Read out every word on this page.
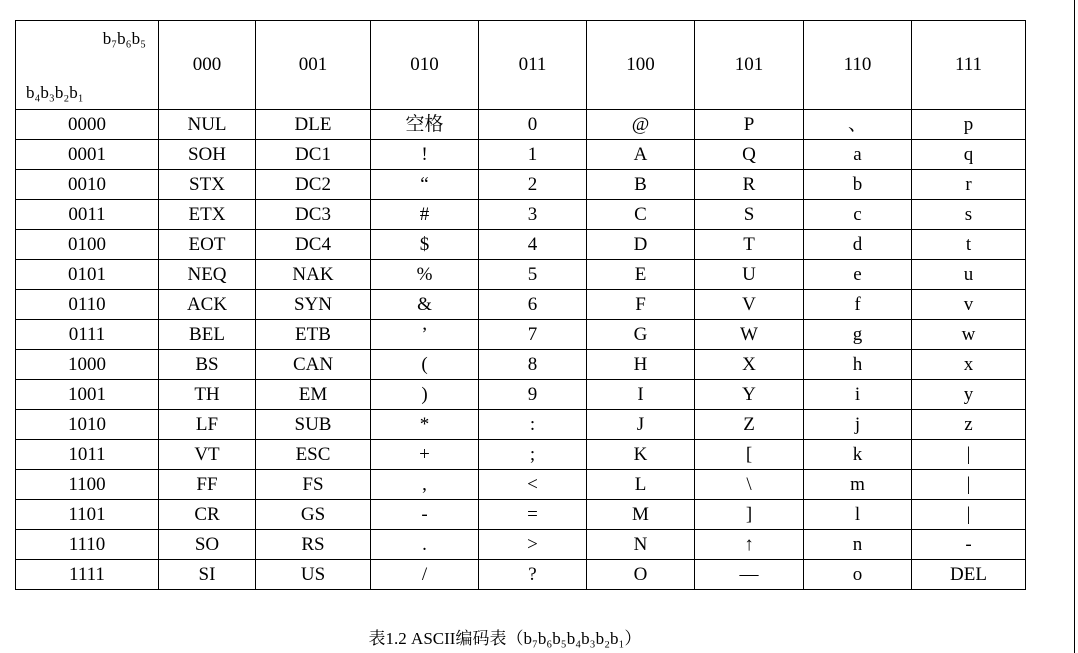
b₇b₆b₅
b₄b₃b₂b₁	000	001	010	011	100	101	110	111
0000	NUL	DLE	空格	0	@	P	、	p
0001	SOH	DC1	!	1	A	Q	a	q
0010	STX	DC2	“	2	B	R	b	r
0011	ETX	DC3	#	3	C	S	c	s
0100	EOT	DC4	$	4	D	T	d	t
0101	NEQ	NAK	%	5	E	U	e	u
0110	ACK	SYN	&	6	F	V	f	v
0111	BEL	ETB	’	7	G	W	g	w
1000	BS	CAN	(	8	H	X	h	x
1001	TH	EM	)	9	I	Y	i	y
1010	LF	SUB	*	:	J	Z	j	z
1011	VT	ESC	+	;	K	[	k	|
1100	FF	FS	,	<	L	\	m	|
1101	CR	GS	-	=	M	]	l	|
1110	SO	RS	.	>	N	↑	n	-
1111	SI	US	/	?	O	—	o	DEL
表1.2 ASCII编码表（b₇b₆b₅b₄b₃b₂b₁）
